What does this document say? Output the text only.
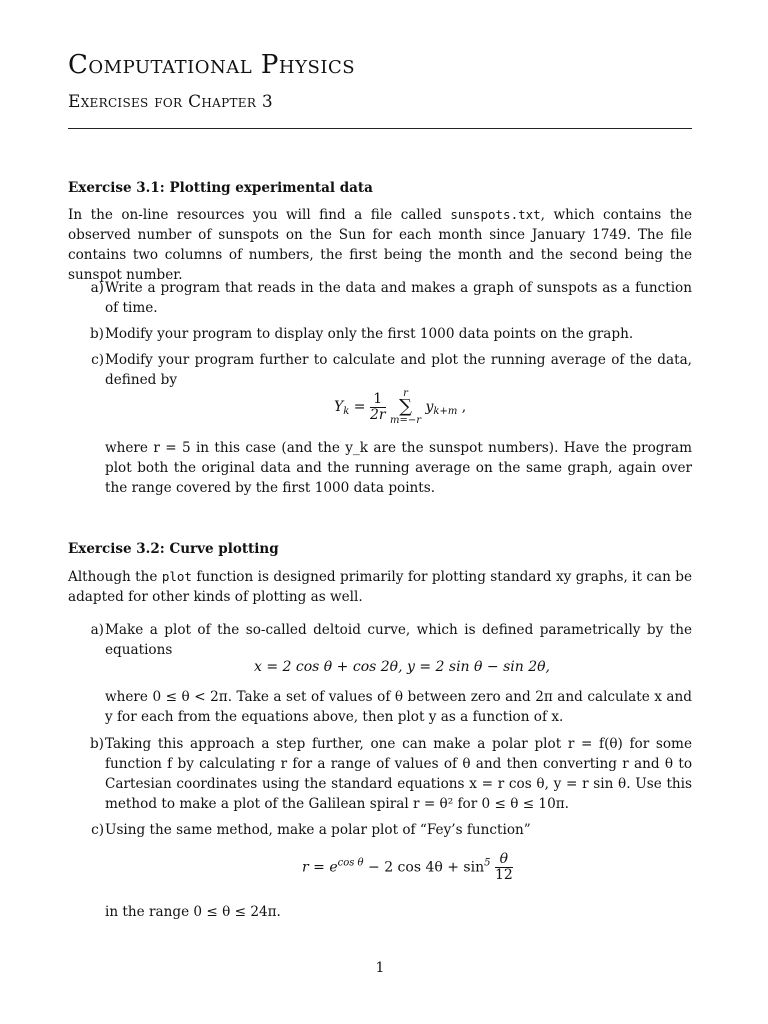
Computational Physics
Exercises for Chapter 3
Exercise 3.1: Plotting experimental data
In the on-line resources you will find a file called sunspots.txt, which contains the observed number of sunspots on the Sun for each month since January 1749. The file contains two columns of numbers, the first being the month and the second being the sunspot number.
a) Write a program that reads in the data and makes a graph of sunspots as a function of time.
b) Modify your program to display only the first 1000 data points on the graph.
c) Modify your program further to calculate and plot the running average of the data, defined by
$Y_k = \frac{1}{2r}$
	r
∑
m=−r
$y_{k+m}$ ,
where r = 5 in this case (and the y_k are the sunspot numbers). Have the program plot both the original data and the running average on the same graph, again over the range covered by the first 1000 data points.
Exercise 3.2: Curve plotting
Although the plot function is designed primarily for plotting standard xy graphs, it can be adapted for other kinds of plotting as well.
a) Make a plot of the so-called deltoid curve, which is defined parametrically by the equations
x = 2 cos θ + cos 2θ, y = 2 sin θ − sin 2θ,
where 0 ≤ θ < 2π. Take a set of values of θ between zero and 2π and calculate x and y for each from the equations above, then plot y as a function of x.
b) Taking this approach a step further, one can make a polar plot r = f(θ) for some function f by calculating r for a range of values of θ and then converting r and θ to Cartesian coordinates using the standard equations x = r cos θ, y = r sin θ. Use this method to make a plot of the Galilean spiral r = θ² for 0 ≤ θ ≤ 10π.
c) Using the same method, make a polar plot of “Fey’s function”
$r = e^{cos \theta} - 2$ $\cos 4\theta + \sin^5 \frac{\theta}{12}$
in the range 0 ≤ θ ≤ 24π.
1
